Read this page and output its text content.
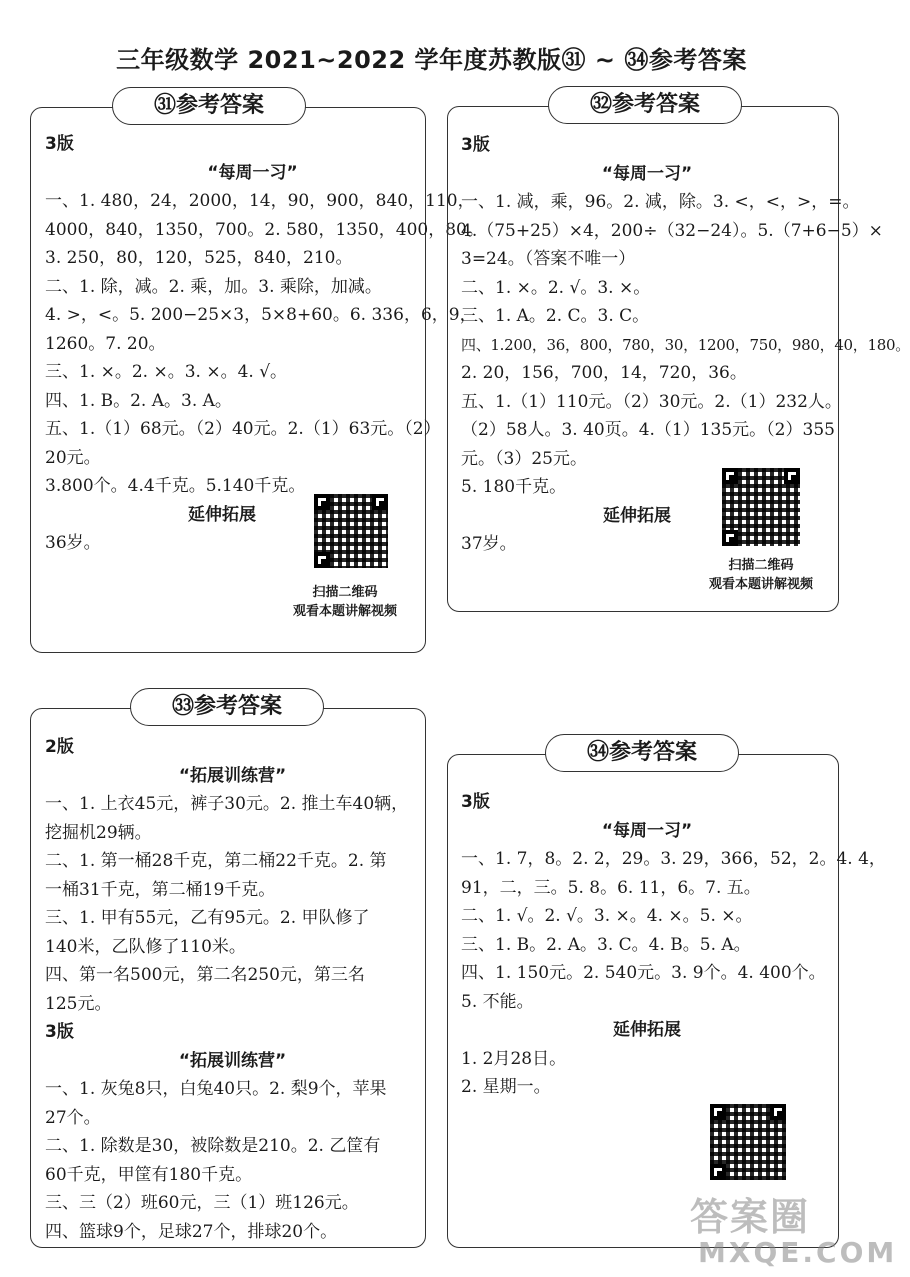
三年级数学 2021~2022 学年度苏教版㉛ ~ ㉞参考答案
㉛参考答案
3版
“每周一习”
一、1. 480，24，2000，14，90，900，840，110，
4000，840，1350，700。2. 580，1350，400，80。
3. 250，80，120，525，840，210。
二、1. 除，减。2. 乘，加。3. 乘除，加减。
4. >，<。5. 200−25×3，5×8+60。6. 336，6，9，
1260。7. 20。
三、1. ×。2. ×。3. ×。4. √。
四、1. B。2. A。3. A。
五、1.（1）68元。（2）40元。2.（1）63元。（2）
20元。
3.800个。4.4千克。5.140千克。
延伸拓展
36岁。
扫描二维码
观看本题讲解视频
㉜参考答案
3版
“每周一习”
一、1. 减，乘，96。2. 减，除。3. <，<，>，=。
4.（75+25）×4，200÷（32−24）。5.（7+6−5）×
3=24。（答案不唯一）
二、1. ×。2. √。3. ×。
三、1. A。2. C。3. C。
四、1.200，36，800，780，30，1200，750，980，40，180。
2. 20，156，700，14，720，36。
五、1.（1）110元。（2）30元。2.（1）232人。
（2）58人。3. 40页。4.（1）135元。（2）355
元。（3）25元。
5. 180千克。
延伸拓展
37岁。
扫描二维码
观看本题讲解视频
㉝参考答案
2版
“拓展训练营”
一、1. 上衣45元，裤子30元。2. 推土车40辆，
挖掘机29辆。
二、1. 第一桶28千克，第二桶22千克。2. 第
一桶31千克，第二桶19千克。
三、1. 甲有55元，乙有95元。2. 甲队修了
140米，乙队修了110米。
四、第一名500元，第二名250元，第三名
125元。
3版
“拓展训练营”
一、1. 灰兔8只，白兔40只。2. 梨9个，苹果
27个。
二、1. 除数是30，被除数是210。2. 乙筐有
60千克，甲筐有180千克。
三、三（2）班60元，三（1）班126元。
四、篮球9个，足球27个，排球20个。
㉞参考答案
3版
“每周一习”
一、1. 7，8。2. 2，29。3. 29，366，52，2。4. 4，
91，二，三。5. 8。6. 11，6。7. 五。
二、1. √。2. √。3. ×。4. ×。5. ×。
三、1. B。2. A。3. C。4. B。5. A。
四、1. 150元。2. 540元。3. 9个。4. 400个。
5. 不能。
延伸拓展
1. 2月28日。
2. 星期一。
答案圈
MXQE.COM
